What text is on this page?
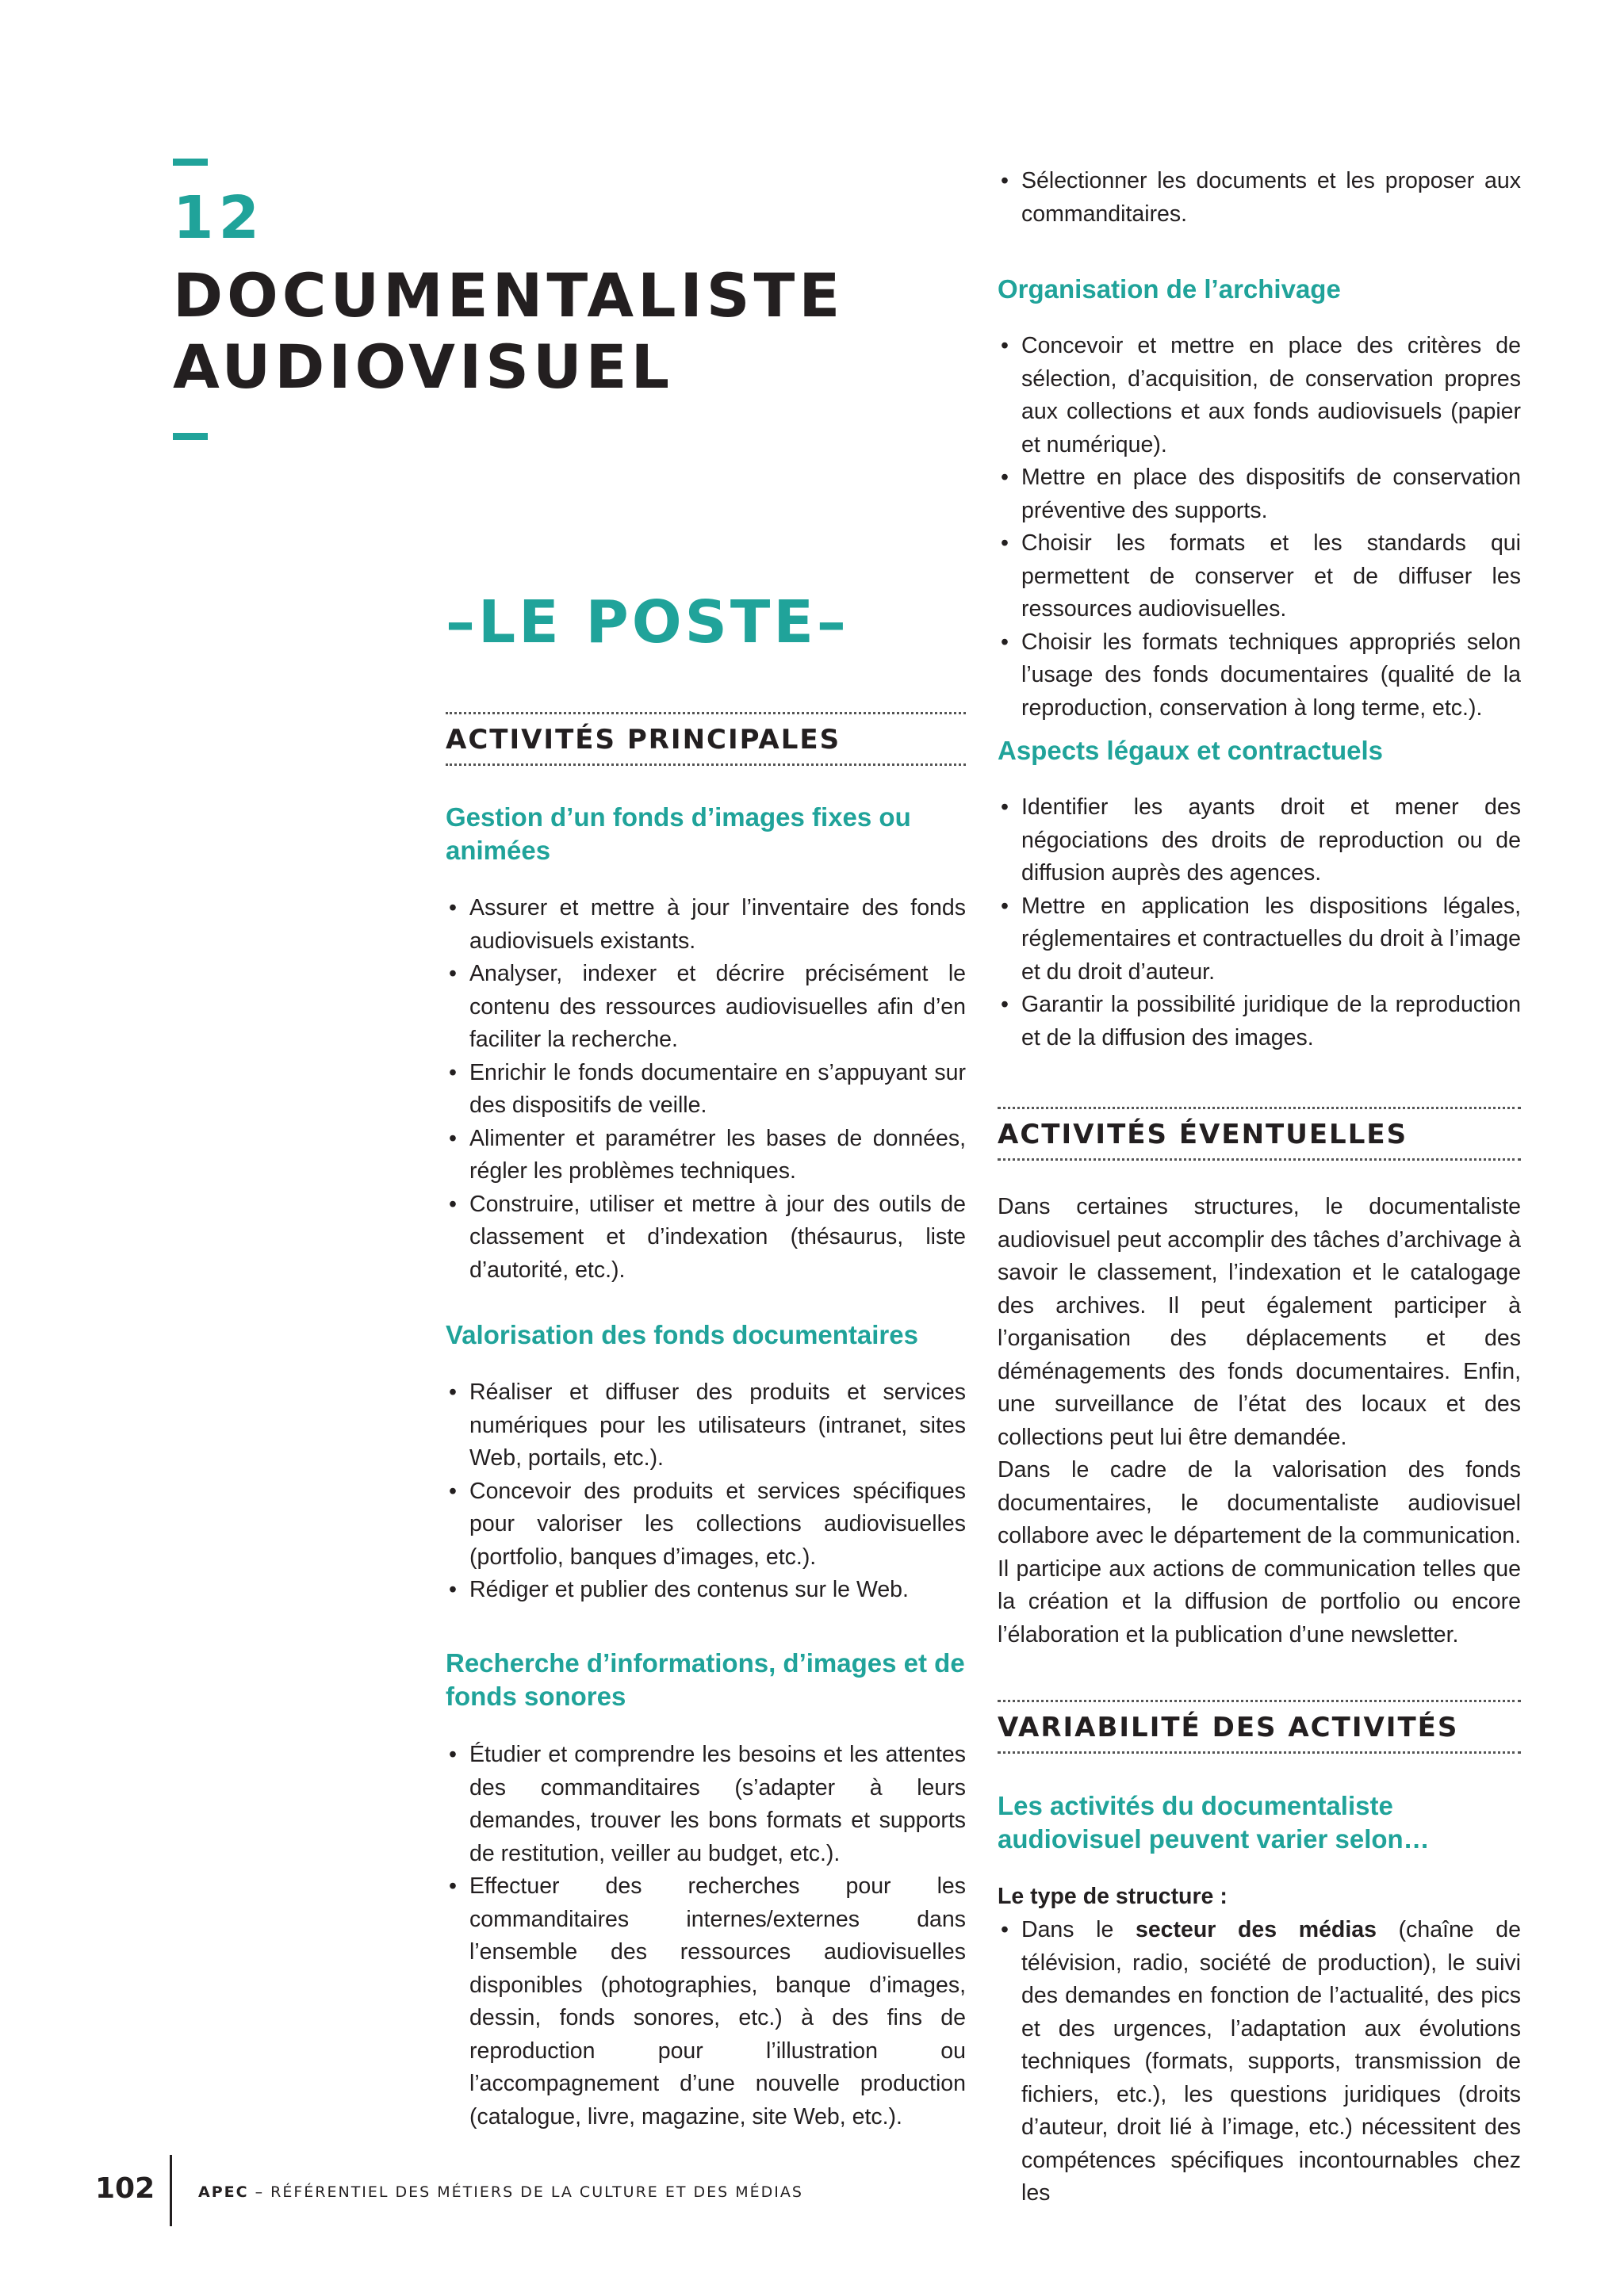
12
DOCUMENTALISTE
AUDIOVISUEL
–LE POSTE–
ACTIVITÉS PRINCIPALES
Gestion d’un fonds d’images fixes ou animées
• Assurer et mettre à jour l’inventaire des fonds audiovisuels existants.
• Analyser, indexer et décrire précisément le contenu des ressources audiovisuelles afin d’en faciliter la recherche.
• Enrichir le fonds documentaire en s’appuyant sur des dispositifs de veille.
• Alimenter et paramétrer les bases de données, régler les problèmes techniques.
• Construire, utiliser et mettre à jour des outils de classement et d’indexation (thésaurus, liste d’autorité, etc.).
Valorisation des fonds documentaires
• Réaliser et diffuser des produits et services numériques pour les utilisateurs (intranet, sites Web, portails, etc.).
• Concevoir des produits et services spécifiques pour valoriser les collections audiovisuelles (portfolio, banques d’images, etc.).
• Rédiger et publier des contenus sur le Web.
Recherche d’informations, d’images et de fonds sonores
• Étudier et comprendre les besoins et les attentes des commanditaires (s’adapter à leurs demandes, trouver les bons formats et supports de restitution, veiller au budget, etc.).
• Effectuer des recherches pour les commanditaires internes/externes dans l’ensemble des ressources audiovisuelles disponibles (photographies, banque d’images, dessin, fonds sonores, etc.) à des fins de reproduction pour l’illustration ou l’accompagnement d’une nouvelle production (catalogue, livre, magazine, site Web, etc.).
• Sélectionner les documents et les proposer aux commanditaires.
Organisation de l’archivage
• Concevoir et mettre en place des critères de sélection, d’acquisition, de conservation propres aux collections et aux fonds audiovisuels (papier et numérique).
• Mettre en place des dispositifs de conservation préventive des supports.
• Choisir les formats et les standards qui permettent de conserver et de diffuser les ressources audiovisuelles.
• Choisir les formats techniques appropriés selon l’usage des fonds documentaires (qualité de la reproduction, conservation à long terme, etc.).
Aspects légaux et contractuels
• Identifier les ayants droit et mener des négociations des droits de reproduction ou de diffusion auprès des agences.
• Mettre en application les dispositions légales, réglementaires et contractuelles du droit à l’image et du droit d’auteur.
• Garantir la possibilité juridique de la reproduction et de la diffusion des images.
ACTIVITÉS ÉVENTUELLES

Dans certaines structures, le documentaliste audiovisuel peut accomplir des tâches d’archivage à savoir le classement, l’indexation et le catalogage des archives. Il peut également participer à l’organisation des déplacements et des déménagements des fonds documentaires. Enfin, une surveillance de l’état des locaux et des collections peut lui être demandée.

Dans le cadre de la valorisation des fonds documentaires, le documentaliste audiovisuel collabore avec le département de la communication. Il participe aux actions de communication telles que la création et la diffusion de portfolio ou encore l’élaboration et la publication d’une newsletter.

VARIABILITÉ DES ACTIVITÉS
Les activités du documentaliste audiovisuel peuvent varier selon…
Le type de structure :
• Dans le secteur des médias (chaîne de télévision, radio, société de production), le suivi des demandes en fonction de l’actualité, des pics et des urgences, l’adaptation aux évolutions techniques (formats, supports, transmission de fichiers, etc.), les questions juridiques (droits d’auteur, droit lié à l’image, etc.) nécessitent des compétences spécifiques incontournables chez les
102	APEC – RÉFÉRENTIEL DES MÉTIERS DE LA CULTURE ET DES MÉDIAS
